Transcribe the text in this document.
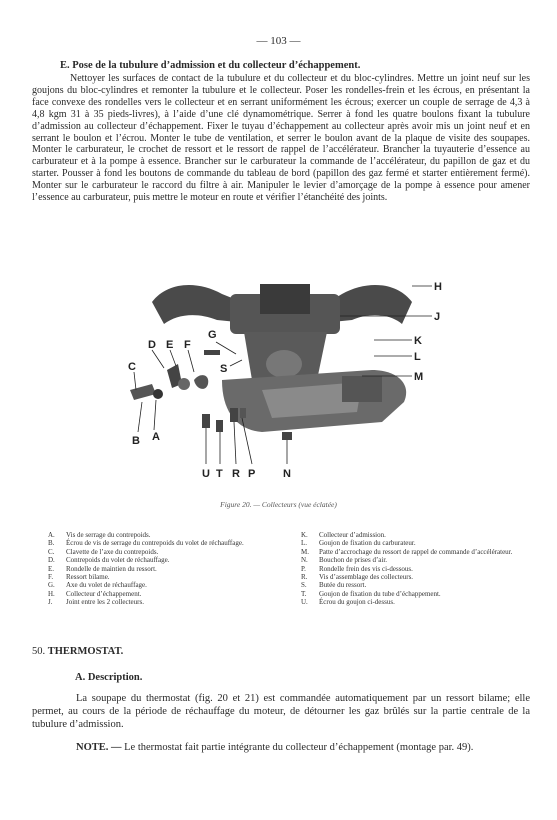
— 103 —
E. Pose de la tubulure d’admission et du collecteur d’échappement.

Nettoyer les surfaces de contact de la tubulure et du collecteur et du bloc-cylindres. Mettre un joint neuf sur les goujons du bloc-cylindres et remonter la tubulure et le collecteur. Poser les rondelles-frein et les écrous, en présentant la face convexe des rondelles vers le collecteur et en serrant uniformément les écrous; exercer un couple de serrage de 4,3 à 4,8 kgm 31 à 35 pieds-livres), à l’aide d’une clé dynamométrique. Serrer à fond les quatre boulons fixant la tubulure d’admission au collecteur d’échappement. Fixer le tuyau d’échappement au collecteur après avoir mis un joint neuf et en serrant le boulon et l’écrou. Monter le tube de ventilation, et serrer le boulon avant de la plaque de visite des soupapes. Monter le carburateur, le crochet de ressort et le ressort de rappel de l’accélérateur. Brancher la tuyauterie d’essence au carburateur et à la pompe à essence. Brancher sur le carburateur la commande de l’accélérateur, du papillon de gaz et du starter. Pousser à fond les boutons de commande du tableau de bord (papillon des gaz fermé et starter entièrement fermé). Monter sur le carburateur le raccord du filtre à air. Manipuler le levier d’amorçage de la pompe à essence pour amener l’essence au carburateur, puis mettre le moteur en route et vérifier l’étanchéité des joints.

H
J
K
L
M
G
S
D E F
C
B A
U T R P	N
Figure 20. — Collecteurs (vue éclatée)
A.	Vis de serrage du contrepoids.
B.	Écrou de vis de serrage du contrepoids du volet de réchauffage.
C.	Clavette de l’axe du contrepoids.
D.	Contrepoids du volet de réchauffage.
E.	Rondelle de maintien du ressort.
F.	Ressort bilame.
G.	Axe du volet de réchauffage.
H.	Collecteur d’échappement.
J.	Joint entre les 2 collecteurs.
K.	Collecteur d’admission.
L.	Goujon de fixation du carburateur.
M.	Patte d’accrochage du ressort de rappel de commande d’accélérateur.
N.	Bouchon de prises d’air.
P.	Rondelle frein des vis ci-dessous.
R.	Vis d’assemblage des collecteurs.
S.	Butée du ressort.
T.	Goujon de fixation du tube d’échappement.
U.	Écrou du goujon ci-dessus.
50. THERMOSTAT.
A. Description.

La soupape du thermostat (fig. 20 et 21) est commandée automatiquement par un ressort bilame; elle permet, au cours de la période de réchauffage du moteur, de détourner les gaz brûlés sur la partie centrale de la tubulure d’admission.

NOTE. — Le thermostat fait partie intégrante du collecteur d’échappement (montage par. 49).
